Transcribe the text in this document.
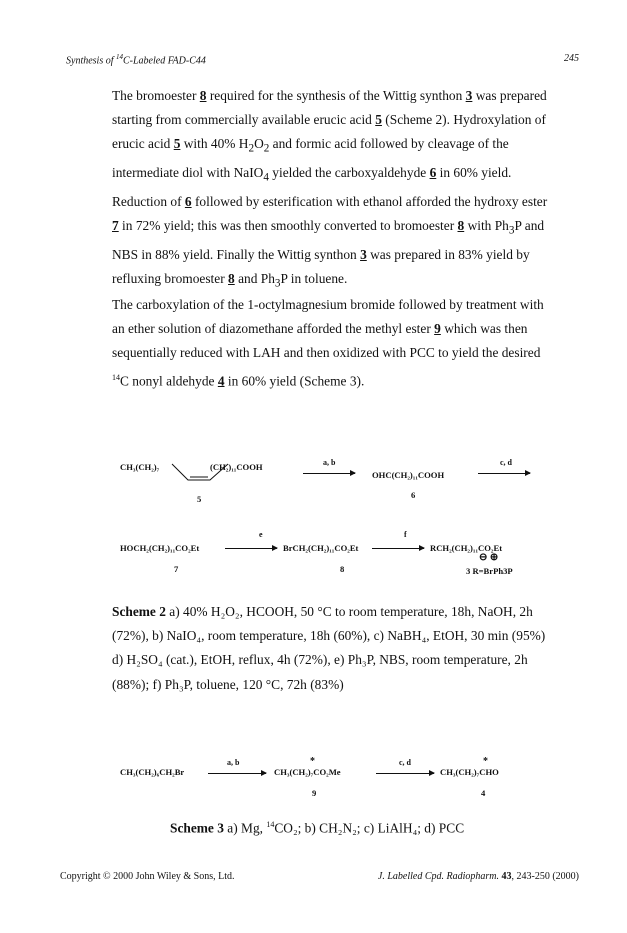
Synthesis of $^{14}$C-Labeled FAD-C44	245

The bromoester 8 required for the synthesis of the Wittig synthon 3 was prepared starting from commercially available erucic acid 5 (Scheme 2). Hydroxylation of erucic acid 5 with 40% $H_2O_2$ and formic acid followed by cleavage of the intermediate diol with NaIO$_4$ yielded the carboxyaldehyde 6 in 60% yield. Reduction of 6 followed by esterification with ethanol afforded the hydroxy ester 7 in 72% yield; this was then smoothly converted to bromoester 8 with $Ph_3P$ and NBS in 88% yield. Finally the Wittig synthon 3 was prepared in 83% yield by refluxing bromoester 8 and $Ph_3P$ in toluene.

The carboxylation of the 1-octylmagnesium bromide followed by treatment with an ether solution of diazomethane afforded the methyl ester 9 which was then sequentially reduced with LAH and then oxidized with PCC to yield the desired $^{14}$C nonyl aldehyde 4 in 60% yield (Scheme 3).

CH₃(CH₂)₇	(CH₂)₁₁COOH
5
a, b
→ OHC(CH₂)₁₁COOH
6
c, d
HOCH₂(CH₂)₁₁CO₂Et
7
e
→ BrCH₂(CH₂)₁₁CO₂Et
8
f
→ RCH₂(CH₂)₁₁CO₂Et
⊖ ⊕
3 R=BrPh3P

Scheme 2 a) 40% H₂O₂, HCOOH, 50 °C to room temperature, 18h, NaOH, 2h (72%), b) NaIO₄, room temperature, 18h (60%), c) NaBH₄, EtOH, 30 min (95%) d) H₂SO₄ (cat.), EtOH, reflux, 4h (72%), e) Ph₃P, NBS, room temperature, 2h (88%); f) Ph₃P, toluene, 120 °C, 72h (83%)

CH₃(CH₂)₆CH₂Br
a, b	*
CH₃(CH₂)₇CO₂Me
9
c, d	*
CH₃(CH₂)₇CHO
4

Scheme 3 a) Mg, $^{14}$CO₂; b) CH₂N₂; c) LiAlH₄; d) PCC

Copyright © 2000 John Wiley & Sons, Ltd.	J. Labelled Cpd. Radiopharm. 43, 243-250 (2000)
